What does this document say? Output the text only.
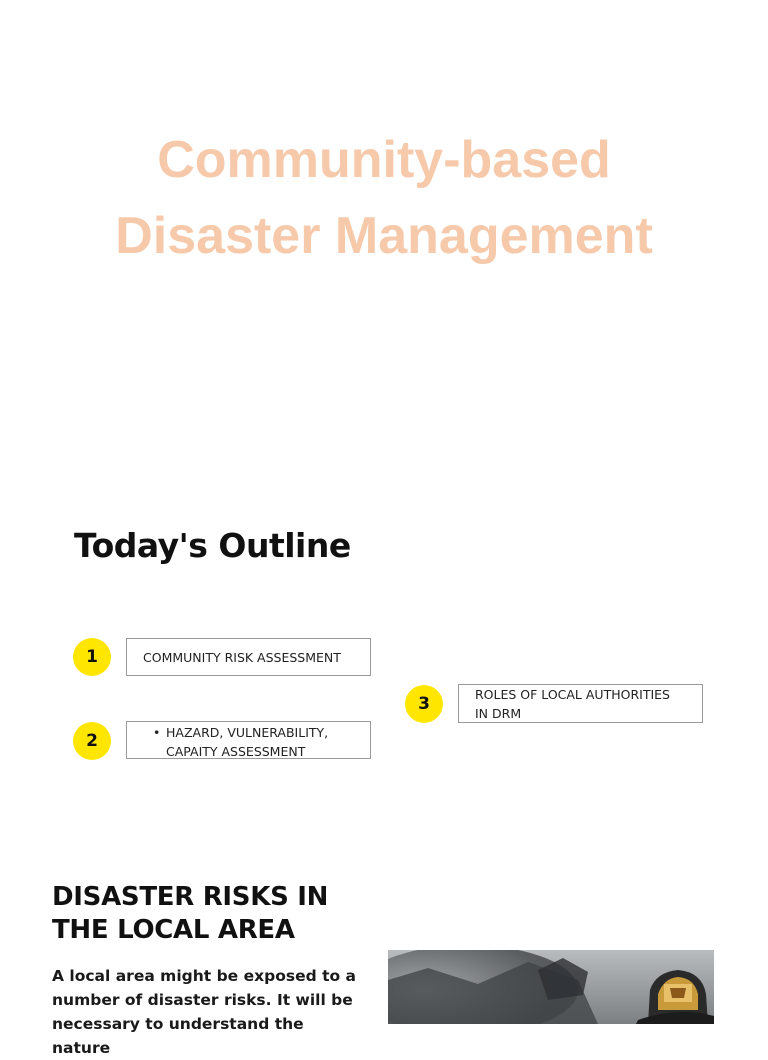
Community-based
Disaster Management
Today's Outline
1	COMMUNITY RISK ASSESSMENT
2	• HAZARD, VULNERABILITY,
CAPAITY ASSESSMENT
3	ROLES OF LOCAL AUTHORITIES
IN DRM
DISASTER RISKS IN
THE LOCAL AREA
A local area might be exposed to a number of disaster risks. It will be necessary to understand the nature
